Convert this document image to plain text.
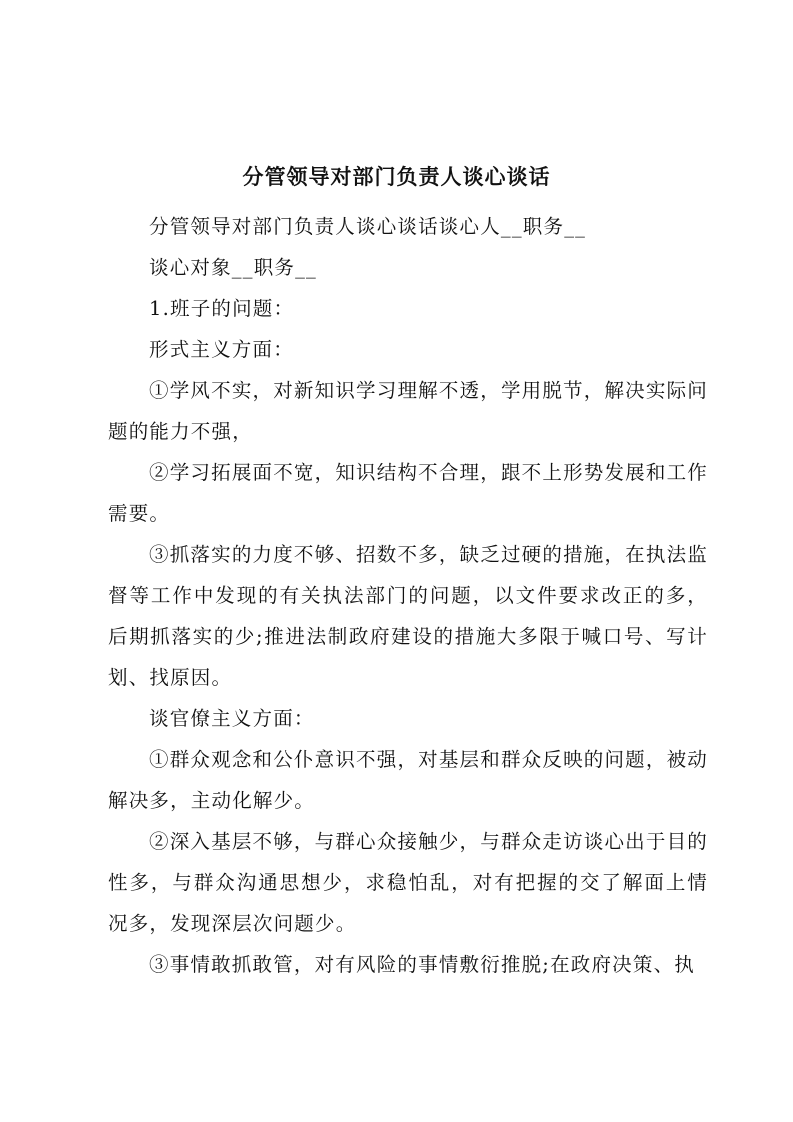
分管领导对部门负责人谈心谈话

分管领导对部门负责人谈心谈话谈心人__职务__

谈心对象__职务__

1.班子的问题：

形式主义方面：

①学风不实，对新知识学习理解不透，学用脱节，解决实际问题的能力不强，

②学习拓展面不宽，知识结构不合理，跟不上形势发展和工作需要。

③抓落实的力度不够、招数不多，缺乏过硬的措施，在执法监督等工作中发现的有关执法部门的问题，以文件要求改正的多，后期抓落实的少;推进法制政府建设的措施大多限于喊口号、写计划、找原因。

谈官僚主义方面：

①群众观念和公仆意识不强，对基层和群众反映的问题，被动解决多，主动化解少。

②深入基层不够，与群心众接触少，与群众走访谈心出于目的性多，与群众沟通思想少，求稳怕乱，对有把握的交了解面上情况多，发现深层次问题少。

③事情敢抓敢管，对有风险的事情敷衍推脱;在政府决策、执
